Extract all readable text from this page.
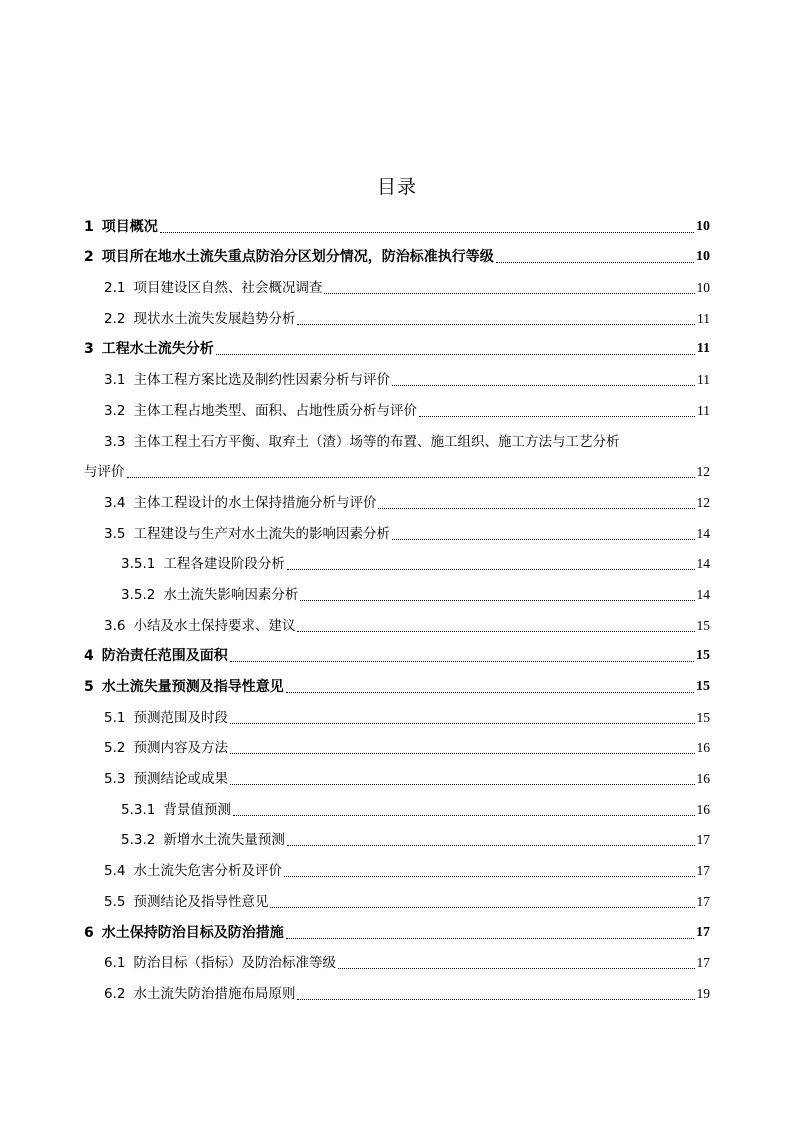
目录
1 项目概况	10
2 项目所在地水土流失重点防治分区划分情况，防治标准执行等级	10
2.1 项目建设区自然、社会概况调查	10
2.2 现状水土流失发展趋势分析	11
3 工程水土流失分析	11
3.1 主体工程方案比选及制约性因素分析与评价	11
3.2 主体工程占地类型、面积、占地性质分析与评价	11
3.3 主体工程土石方平衡、取弃土（渣）场等的布置、施工组织、施工方法与工艺分析
与评价	12
3.4 主体工程设计的水土保持措施分析与评价	12
3.5 工程建设与生产对水土流失的影响因素分析	14
3.5.1 工程各建设阶段分析	14
3.5.2 水土流失影响因素分析	14
3.6 小结及水土保持要求、建议	15
4 防治责任范围及面积	15
5 水土流失量预测及指导性意见	15
5.1 预测范围及时段	15
5.2 预测内容及方法	16
5.3 预测结论或成果	16
5.3.1 背景值预测	16
5.3.2 新增水土流失量预测	17
5.4 水土流失危害分析及评价	17
5.5 预测结论及指导性意见	17
6 水土保持防治目标及防治措施	17
6.1 防治目标（指标）及防治标准等级	17
6.2 水土流失防治措施布局原则	19
